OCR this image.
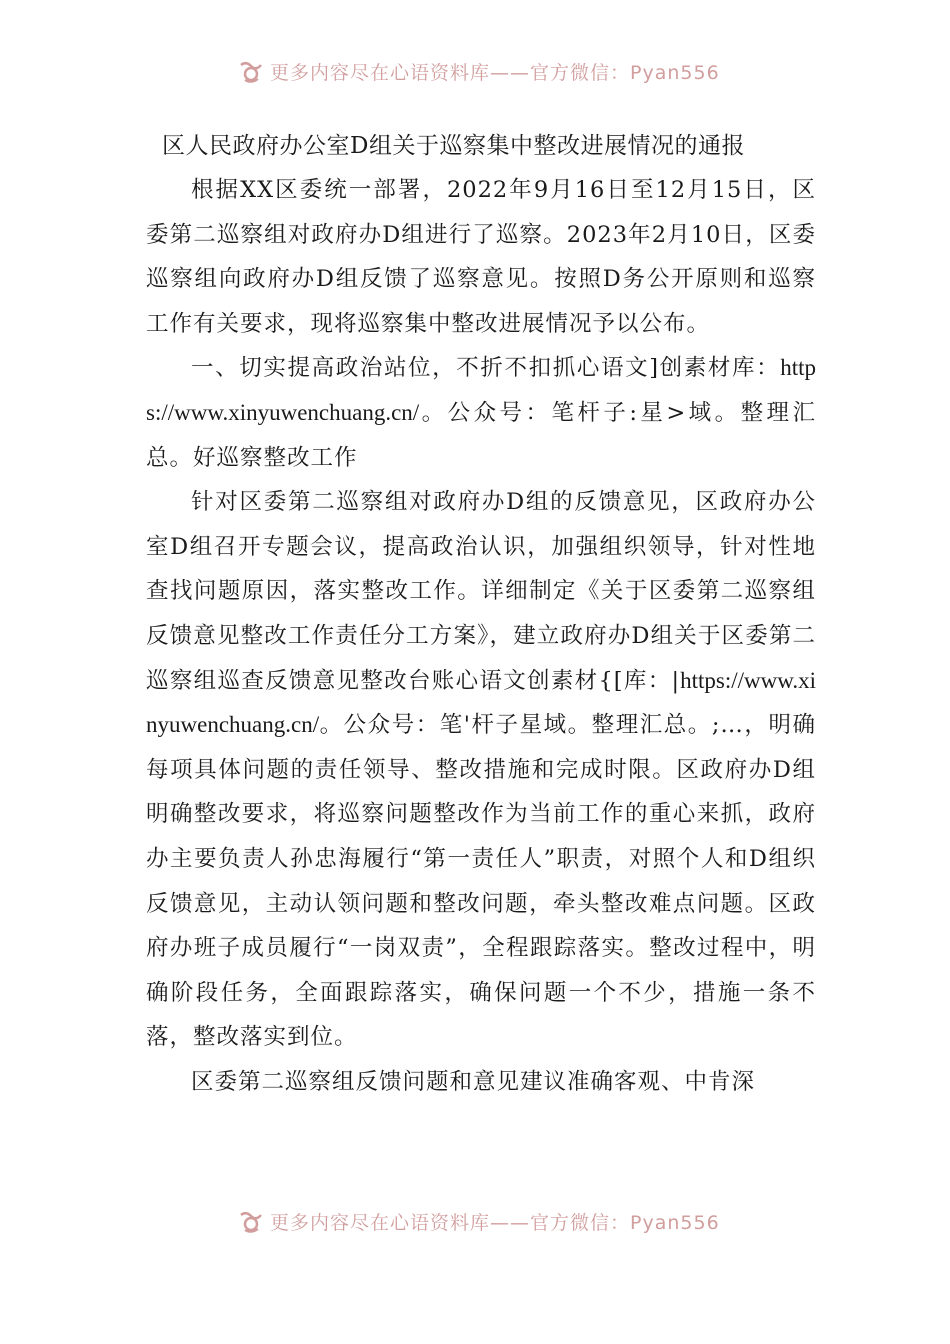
更多内容尽在心语资料库——官方微信：Pyan556
区人民政府办公室D组关于巡察集中整改进展情况的通报

根据XX区委统一部署，2022年9月16日至12月15日，区委第二巡察组对政府办D组进行了巡察。2023年2月10日，区委巡察组向政府办D组反馈了巡察意见。按照D务公开原则和巡察工作有关要求，现将巡察集中整改进展情况予以公布。

一、切实提高政治站位，不折不扣抓心语文]创素材库：https://www.xinyuwenchuang.cn/。公众号：笔杆子:星>域。整理汇总。好巡察整改工作

针对区委第二巡察组对政府办D组的反馈意见，区政府办公室D组召开专题会议，提高政治认识，加强组织领导，针对性地查找问题原因，落实整改工作。详细制定《关于区委第二巡察组反馈意见整改工作责任分工方案》，建立政府办D组关于区委第二巡察组巡查反馈意见整改台账心语文创素材{[库：|https://www.xinyuwenchuang.cn/。公众号：笔'杆子星域。整理汇总。;…，明确每项具体问题的责任领导、整改措施和完成时限。区政府办D组明确整改要求，将巡察问题整改作为当前工作的重心来抓，政府办主要负责人孙忠海履行“第一责任人”职责，对照个人和D组织反馈意见，主动认领问题和整改问题，牵头整改难点问题。区政府办班子成员履行“一岗双责”，全程跟踪落实。整改过程中，明确阶段任务，全面跟踪落实，确保问题一个不少，措施一条不落，整改落实到位。

区委第二巡察组反馈问题和意见建议准确客观、中肯深

更多内容尽在心语资料库——官方微信：Pyan556
